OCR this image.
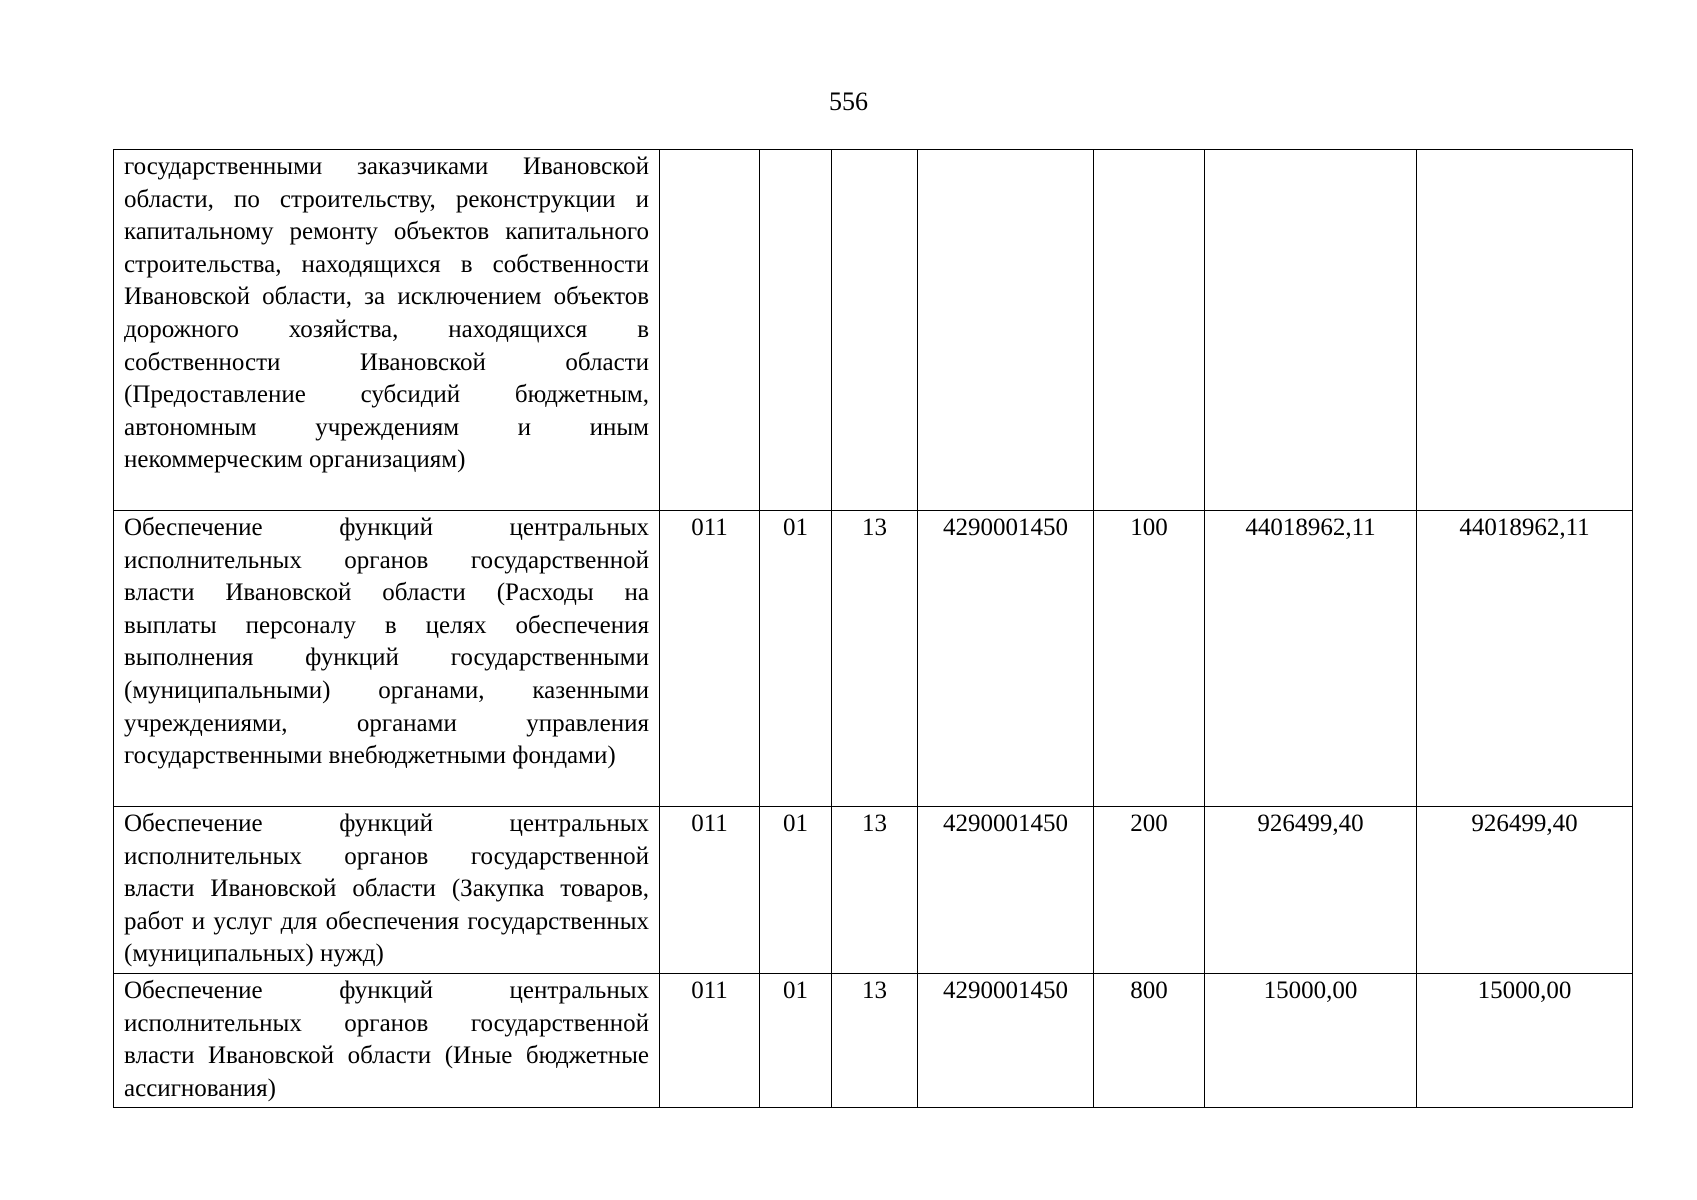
556
государственными заказчиками Ивановской области, по строительству, реконструкции и капитальному ремонту объектов капитального строительства, находящихся в собственности Ивановской области, за исключением объектов дорожного хозяйства, находящихся в собственности Ивановской области (Предоставление субсидий бюджетным, автономным учреждениям и иным некоммерческим организациям)							

Обеспечение функций центральных исполнительных органов государственной власти Ивановской области (Расходы на выплаты персоналу в целях обеспечения выполнения функций государственными (муниципальными) органами, казенными учреждениями, органами управления государственными внебюджетными фондами)	011	01	13	4290001450	100	44018962,11	44018962,11

Обеспечение функций центральных исполнительных органов государственной власти Ивановской области (Закупка товаров, работ и услуг для обеспечения государственных (муниципальных) нужд)	011	01	13	4290001450	200	926499,40	926499,40

Обеспечение функций центральных исполнительных органов государственной власти Ивановской области (Иные бюджетные ассигнования)	011	01	13	4290001450	800	15000,00	15000,00
